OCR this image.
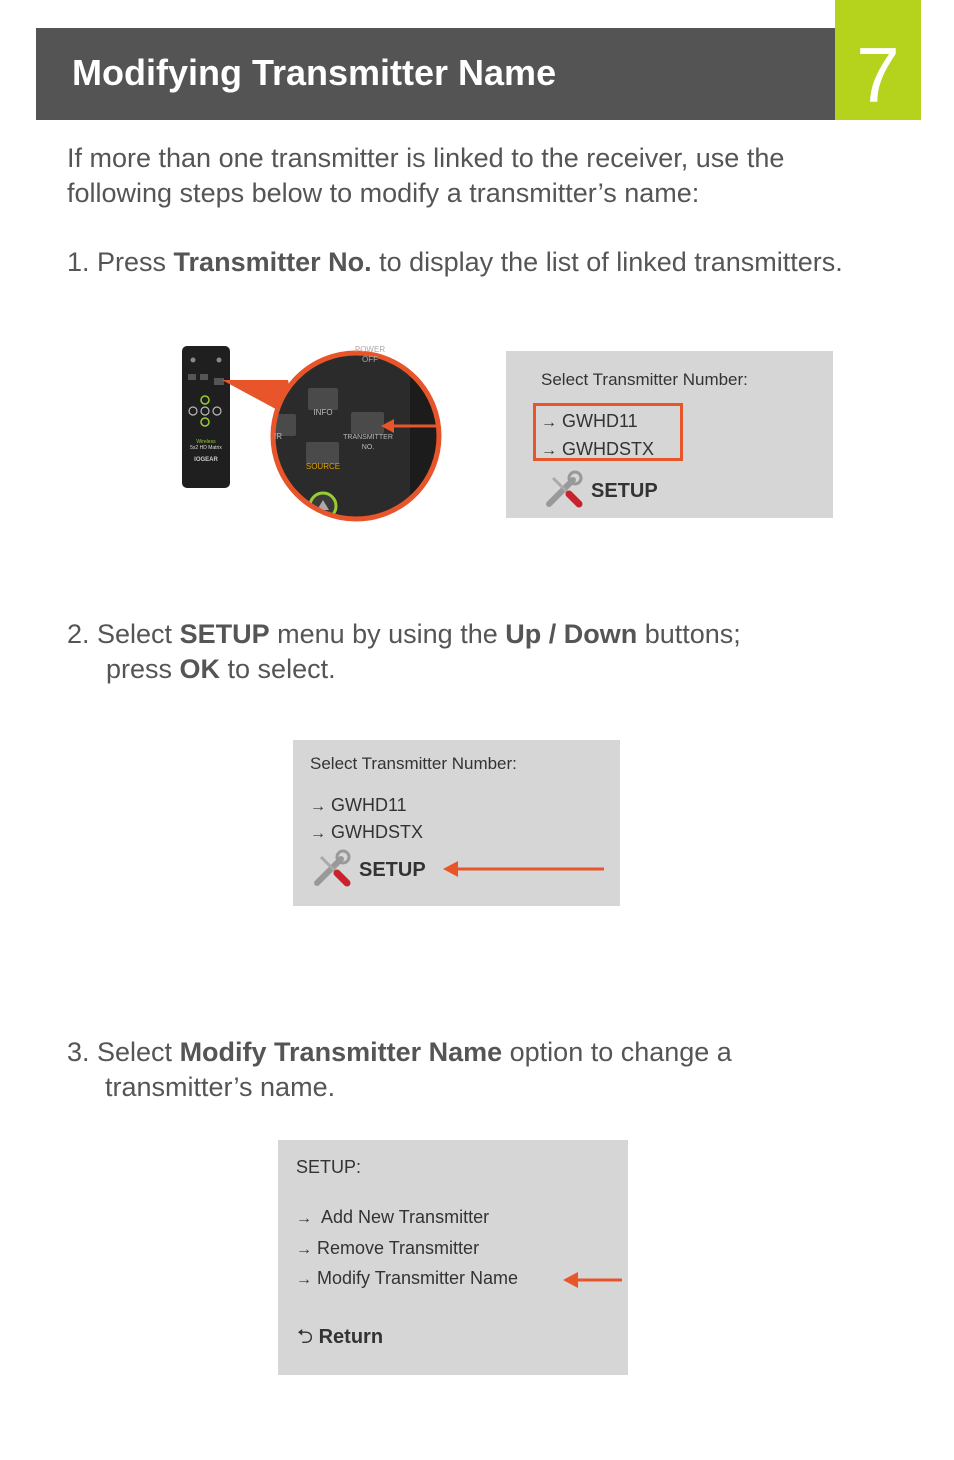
Modifying Transmitter Name	7
If more than one transmitter is linked to the receiver, use the
following steps below to modify a transmitter’s name:
1. Press Transmitter No. to display the list of linked transmitters.
Wireless
5x2 HD Matrix
IOGEAR
POWER
OFF
INFO
IR	TRANSMITTER
NO.
SOURCE
Select Transmitter Number:
→ GWHD11
→ GWHDSTX
SETUP
2. Select SETUP menu by using the Up / Down buttons;
press OK to select.
Select Transmitter Number:
→ GWHD11
→ GWHDSTX
SETUP
3. Select Modify Transmitter Name option to change a
transmitter’s name.
SETUP:
→ Add New Transmitter
→ Remove Transmitter
→ Modify Transmitter Name
⮌ Return
